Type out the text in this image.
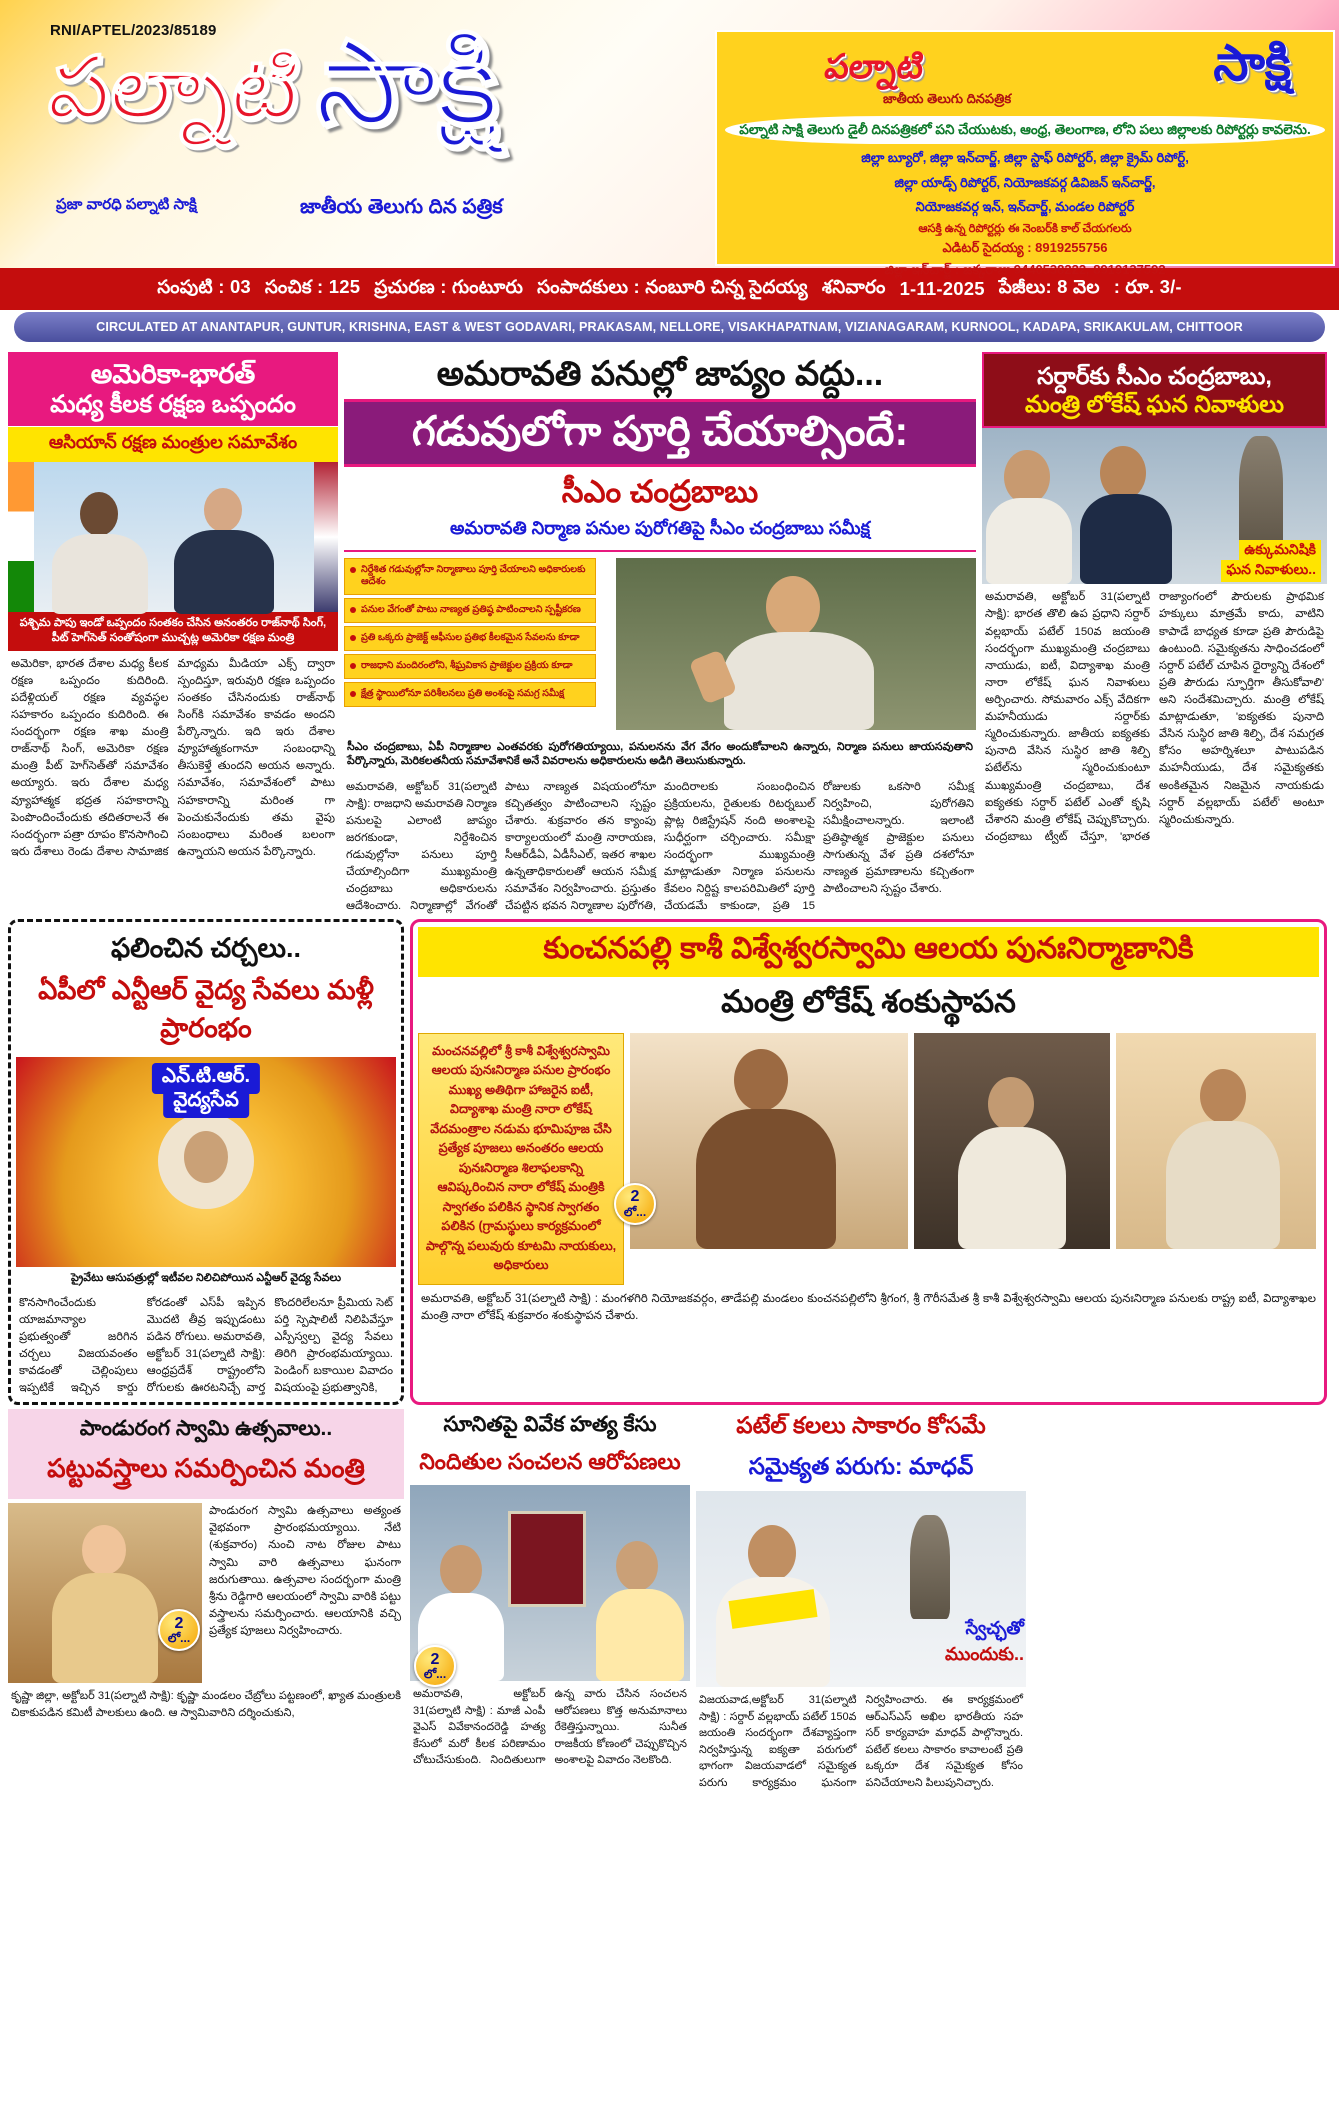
RNI/APTEL/2023/85189
పల్నాటి సాక్షి
ప్రజా వారధి పల్నాటి సాక్షి	జాతీయ తెలుగు దిన పత్రిక
పల్నాటి	సాక్షి
జాతీయ తెలుగు దినపత్రిక
పల్నాటి సాక్షి తెలుగు డైలీ దినపత్రికలో పని చేయుటకు, ఆంధ్ర, తెలంగాణ, లోని పలు జిల్లాలకు రిపోర్టర్లు కావలెను.
జిల్లా బ్యూరో, జిల్లా ఇన్‌చార్జ్, జిల్లా స్టాఫ్ రిపోర్టర్, జిల్లా క్రైమ్ రిపోర్ట్,
జిల్లా యాడ్స్ రిపోర్టర్, నియోజకవర్గ డివిజన్ ఇన్‌చార్జ్,
నియోజకవర్గ ఇన్, ఇన్‌చార్జ్, మండల రిపోర్టర్
ఆసక్తి ఉన్న రిపోర్టర్లు ఈ నెంబర్‌కి కాల్ చేయగలరు
ఎడిటర్ సైదయ్య : 8919255756
జిల్లా ఇన్‌చార్జ్ : జక్కరాజు 9440538222, 8919137592
సంపుటి : 03 సంచిక : 125 ప్రచురణ : గుంటూరు సంపాదకులు : నంబూరి చిన్న సైదయ్య శనివారం 1-11-2025 పేజీలు: 8 వెల : రూ. 3/-
CIRCULATED AT ANANTAPUR, GUNTUR, KRISHNA, EAST & WEST GODAVARI, PRAKASAM, NELLORE, VISAKHAPATNAM, VIZIANAGARAM, KURNOOL, KADAPA, SRIKAKULAM, CHITTOOR
అమెరికా-భారత్
మధ్య కీలక రక్షణ ఒప్పందం
ఆసియాన్ రక్షణ మంత్రుల సమావేశం
పశ్చిమ పాపు ఇండో ఒప్పందం సంతకం చేసిన అనంతరం రాజ్‌నాథ్ సింగ్, పీట్ హెగ్‌సెత్ సంతోషంగా ముచ్చట్ల అమెరికా రక్షణ మంత్రి
అమెరికా, భారత దేశాల మధ్య కీలక రక్షణ ఒప్పందం కుదిరింది. పదేళ్లియల్ రక్షణ వ్యవస్థల సహకారం ఒప్పందం కుదిరింది. ఈ సందర్భంగా రక్షణ శాఖ మంత్రి రాజ్‌నాథ్ సింగ్, అమెరికా రక్షణ మంత్రి పీట్ హెగ్‌సెత్‌తో సమావేశం అయ్యారు. ఇరు దేశాల మధ్య వ్యూహాత్మక భద్రత సహకారాన్ని పెంపొందించేందుకు తదితరాలనే ఈ సందర్భంగా పత్రా రూపం కొనసాగించి ఇరు దేశాలు రెండు దేశాల సామాజిక మాధ్యమ మీడియా ఎక్స్ ద్వారా స్పందిస్తూ, ఇరువురి రక్షణ ఒప్పందం సంతకం చేసినందుకు రాజ్‌నాథ్ సింగ్‌కి సమావేశం కావడం అందని పేర్కొన్నారు. ఇది ఇరు దేశాల వ్యూహాత్మకంగానూ సంబంధాన్ని తీసుకెళ్తే తుందని అయన అన్నారు. సమావేశం, సమావేశంలో పాటు సహకారాన్ని మరింత గా పెంచుకునేందుకు తమ వైపు సంబంధాలు మరింత బలంగా ఉన్నాయని అయన పేర్కొన్నారు.
అమరావతి పనుల్లో జాప్యం వద్దు...
గడువులోగా పూర్తి చేయాల్సిందే:
సీఎం చంద్రబాబు
అమరావతి నిర్మాణ పనుల పురోగతిపై సీఎం చంద్రబాబు సమీక్ష
నిర్దేశిత గడువుల్లోనా నిర్మాణాలు పూర్తి చేయాలని అధికారులకు ఆదేశం
పనుల వేగంతో పాటు నాణ్యత ప్రతిష్ఠ పాటించాలని స్పష్టీకరణ
ప్రతి ఒక్కరు ప్రాజెక్ట్ ఆఫీసుల ప్రతిభ కీలకమైన సేవలను కూడా
రాజధాని మందిరంలోని, శీఘ్రవికాస ప్రాజెక్టుల ప్రక్రియ కూడా
క్షేత్ర స్థాయిలోనూ పరిశీలనలు ప్రతి అంశంపై సమగ్ర సమీక్ష
సీఎం చంద్రబాబు, ఏపీ నిర్మాణాల ఎంతవరకు పురోగతియ్యాయి, పనులనను వేగ వేగం అందుకోవాలని ఉన్నారు, నిర్మాణ పనులు జాయసవుతాని పేర్కొన్నారు, మెరికలతనీయ సమావేశానికే అనే వివరాలను అధికారులను అడిగి తెలుసుకున్నారు.
అమరావతి, అక్టోబర్ 31(పల్నాటి సాక్షి): రాజధాని అమరావతి నిర్మాణ పనులపై ఎలాంటి జాప్యం జరగకుండా, నిర్దేశించిన గడువుల్లోనా పనులు పూర్తి చేయాల్సిందిగా ముఖ్యమంత్రి చంద్రబాబు అధికారులను ఆదేశించారు. నిర్మాణాల్లో వేగంతో పాటు నాణ్యత విషయంలోనూ కచ్చితత్వం పాటించాలని స్పష్టం చేశారు. శుక్రవారం తన క్యాంపు కార్యాలయంలో మంత్రి నారాయణ, సీఆర్‌డీఏ, ఏడీసీఎల్, ఇతర శాఖల ఉన్నతాధికారులతో ఆయన సమీక్ష సమావేశం నిర్వహించారు. ప్రస్తుతం చేపట్టిన భవన నిర్మాణాల పురోగతి, మందిరాలకు సంబంధించిన ప్రక్రియలను, రైతులకు రిటర్నబుల్ ప్లాట్ల రిజిస్ట్రేషన్ నంది అంశాలపై సుధీర్ఘంగా చర్చించారు. సమీక్షా సందర్భంగా ముఖ్యమంత్రి మాట్లాడుతూ నిర్మాణ పనులను కేవలం నిర్దిష్ట కాలపరిమితిలో పూర్తి చేయడమే కాకుండా, ప్రతి 15 రోజులకు ఒకసారి సమీక్ష నిర్వహించి, పురోగతిని సమీక్షించాలన్నారు. ఇలాంటి ప్రతిష్ఠాత్మక ప్రాజెక్టుల పనులు సాగుతున్న వేళ ప్రతి దశలోనూ నాణ్యత ప్రమాణాలను కచ్చితంగా పాటించాలని స్పష్టం చేశారు.
సర్దార్‌కు సీఎం చంద్రబాబు,
మంత్రి లోకేష్ ఘన నివాళులు
ఉక్కుమనిషికి
ఘన నివాళులు..
అమరావతి, అక్టోబర్ 31(పల్నాటి సాక్షి): భారత తొలి ఉప ప్రధాని సర్దార్ వల్లభాయ్ పటేల్ 150వ జయంతి సందర్భంగా ముఖ్యమంత్రి చంద్రబాబు నాయుడు, ఐటీ, విద్యాశాఖ మంత్రి నారా లోకేష్ ఘన నివాళులు అర్పించారు. సోమవారం ఎక్స్ వేదికగా మహనీయుడు సర్దార్‌కు స్మరించుకున్నారు. జాతీయ ఐక్యతకు పునాది వేసిన సుస్థిర జాతి శిల్పి పటేల్‌ను స్మరించుకుంటూ ముఖ్యమంత్రి చంద్రబాబు, దేశ ఐక్యతకు సర్దార్ పటేల్ ఎంతో కృషి చేశారని మంత్రి లోకేష్ చెప్పుకొచ్చారు. చంద్రబాబు ట్వీట్ చేస్తూ, 'భారత రాజ్యాంగంలో పౌరులకు ప్రాథమిక హక్కులు మాత్రమే కాదు, వాటిని కాపాడే బాధ్యత కూడా ప్రతి పౌరుడిపై ఉంటుంది. సమైక్యతను సాధించడంలో సర్దార్ పటేల్ చూపిన ధైర్యాన్ని దేశంలో ప్రతి పౌరుడు స్ఫూర్తిగా తీసుకోవాలి' అని సందేశమిచ్చారు. మంత్రి లోకేష్ మాట్లాడుతూ, 'ఐక్యతకు పునాది వేసిన సుస్థిర జాతి శిల్పి, దేశ సమగ్రత కోసం అహర్నిశలూ పాటుపడిన మహనీయుడు, దేశ సమైక్యతకు అంకితమైన నిజమైన నాయకుడు సర్దార్ వల్లభాయ్ పటేల్' అంటూ స్మరించుకున్నారు.
ఫలించిన చర్చలు..
ఏపీలో ఎన్టీఆర్ వైద్య సేవలు మళ్లీ ప్రారంభం
ఎన్.టి.ఆర్.
వైద్యసేవ
ప్రైవేటు ఆసుపత్రుల్లో ఇటీవల నిలిచిపోయిన ఎన్టీఆర్ వైద్య సేవలు
కొనసాగించేందుకు యాజమాన్యాల ప్రభుత్వంతో జరిగిన చర్చలు విజయవంతం కావడంతో చెల్లింపులు ఇప్పటికే ఇచ్చిన కార్డు కోరడంతో ఎస్‌పీ ఇప్పిన మొదటి తీవ్ర ఇప్పుడంటు పడిన రోగులు. అమరావతి, అక్టోబర్ 31(పల్నాటి సాక్షి): ఆంధ్రప్రదేశ్ రాష్ట్రంలోని రోగులకు ఊరటనిచ్చే వార్త కొందరిలేలనూ ప్రీమియ సెట్ పర్తి స్పెషాలిటీ నిలిపివేస్తూ ఎస్పీస్వల్ప వైద్య సేవలు తిరిగి ప్రారంభమయ్యాయి. పెండింగ్ బకాయిల వివాదం విషయంపై ప్రభుత్వానికి,
కుంచనపల్లి కాశీ విశ్వేశ్వరస్వామి ఆలయ పునఃనిర్మాణానికి
మంత్రి లోకేష్ శంకుస్థాపన
మంచనవల్లిలో శ్రీ కాశీ విశ్వేశ్వరస్వామి ఆలయ పునఃనిర్మాణ పనుల ప్రారంభం ముఖ్య అతిథిగా హాజరైన ఐటీ, విద్యాశాఖ మంత్రి నారా లోకేష్ వేదమంత్రాల నడుమ భూమిపూజ చేసి ప్రత్యేక పూజలు అనంతరం ఆలయ పునఃనిర్మాణ శిలాఫలకాన్ని ఆవిష్కరించిన నారా లోకేష్ మంత్రికి స్వాగతం పలికిన స్థానిక స్వాగతం పలికిన (గ్రామస్థులు కార్యక్రమంలో పాల్గొన్న పలువురు కూటమి నాయకులు, అధికారులు
2
లో...
అమరావతి, అక్టోబర్ 31(పల్నాటి సాక్షి) : మంగళగిరి నియోజకవర్గం, తాడేపల్లి మండలం కుంచనపల్లిలోని శ్రీగంగ, శ్రీ గౌరీసమేత శ్రీ కాశీ విశ్వేశ్వరస్వామి ఆలయ పునఃనిర్మాణ పనులకు రాష్ట్ర ఐటీ, విద్యాశాఖల మంత్రి నారా లోకేష్ శుక్రవారం శంకుస్థాపన చేశారు.
పాండురంగ స్వామి ఉత్సవాలు..
పట్టువస్త్రాలు సమర్పించిన మంత్రి
పాండురంగ స్వామి ఉత్సవాలు అత్యంత వైభవంగా ప్రారంభమయ్యాయి. నేటి (శుక్రవారం) నుంచి నాట రోజుల పాటు స్వామి వారి ఉత్సవాలు ఘనంగా జరుగుతాయి. ఉత్సవాల సందర్భంగా మంత్రి శ్రీను రెడ్డిగారి ఆలయంలో స్వామి వారికి పట్టు వస్త్రాలను సమర్పించారు. ఆలయానికి వచ్చి ప్రత్యేక పూజలు నిర్వహించారు.
కృష్ణా జిల్లా, అక్టోబర్ 31(పల్నాటి సాక్షి): కృష్ణా మండలం చేబ్రోలు పట్టణంలో, ఖ్యాత మంత్రులకి చికాకుపడిన కమిటీ పాలకులు ఉంది. ఆ స్వామివారిని దర్శించుకుని,
2
లో...
సూనితపై వివేక హత్య కేసు
నిందితుల సంచలన ఆరోపణలు
అమరావతి, అక్టోబర్ 31(పల్నాటి సాక్షి) : మాజీ ఎంపీ వైఎస్ వివేకానందరెడ్డి హత్య కేసులో మరో కీలక పరిణామం చోటుచేసుకుంది. నిందితులుగా ఉన్న వారు చేసిన సంచలన ఆరోపణలు కొత్త అనుమానాలు రేకెత్తిస్తున్నాయి. సునీత రాజకీయ కోణంలో చెప్పుకొచ్చిన అంశాలపై వివాదం నెలకొంది.
2
లో...
పటేల్ కలలు సాకారం కోసమే
సమైక్యత పరుగు: మాధవ్
స్వేచ్ఛతో
ముందుకు..
విజయవాడ,అక్టోబర్ 31(పల్నాటి సాక్షి) : సర్దార్ వల్లభాయ్ పటేల్ 150వ జయంతి సందర్భంగా దేశవ్యాప్తంగా నిర్వహిస్తున్న ఐక్యతా పరుగులో భాగంగా విజయవాడలో సమైక్యత పరుగు కార్యక్రమం ఘనంగా నిర్వహించారు. ఈ కార్యక్రమంలో ఆర్‌ఎస్‌ఎస్ అఖిల భారతీయ సహ సర్ కార్యవాహ మాధవ్ పాల్గొన్నారు. పటేల్ కలలు సాకారం కావాలంటే ప్రతి ఒక్కరూ దేశ సమైక్యత కోసం పనిచేయాలని పిలుపునిచ్చారు.
